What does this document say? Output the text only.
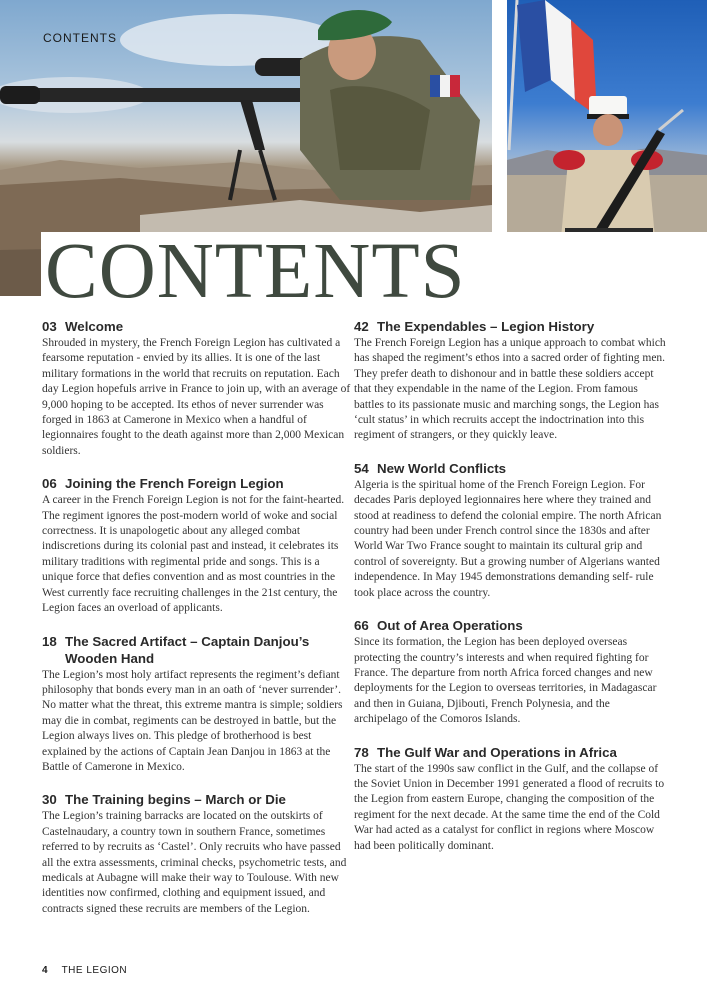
CONTENTS
CONTENTS
03 Welcome

Shrouded in mystery, the French Foreign Legion has cultivated a fearsome reputation - envied by its allies. It is one of the last military formations in the world that recruits on reputation. Each day Legion hopefuls arrive in France to join up, with an average of 9,000 hoping to be accepted. Its ethos of never surrender was forged in 1863 at Camerone in Mexico when a handful of legionnaires fought to the death against more than 2,000 Mexican soldiers.

06 Joining the French Foreign Legion

A career in the French Foreign Legion is not for the faint-hearted. The regiment ignores the post-modern world of woke and social correctness. It is unapologetic about any alleged combat indiscretions during its colonial past and instead, it celebrates its military traditions with regimental pride and songs. This is a unique force that defies convention and as most countries in the West currently face recruiting challenges in the 21st century, the Legion faces an overload of applicants.

18 The Sacred Artifact – Captain Danjou’s Wooden Hand

The Legion’s most holy artifact represents the regiment’s defiant philosophy that bonds every man in an oath of ‘never surrender’. No matter what the threat, this extreme mantra is simple; soldiers may die in combat, regiments can be destroyed in battle, but the Legion always lives on. This pledge of brotherhood is best explained by the actions of Captain Jean Danjou in 1863 at the Battle of Camerone in Mexico.

30 The Training begins – March or Die

The Legion’s training barracks are located on the outskirts of Castelnaudary, a country town in southern France, sometimes referred to by recruits as ‘Castel’. Only recruits who have passed all the extra assessments, criminal checks, psychometric tests, and medicals at Aubagne will make their way to Toulouse. With new identities now confirmed, clothing and equipment issued, and contracts signed these recruits are members of the Legion.

42 The Expendables – Legion History

The French Foreign Legion has a unique approach to combat which has shaped the regiment’s ethos into a sacred order of fighting men. They prefer death to dishonour and in battle these soldiers accept that they expendable in the name of the Legion. From famous battles to its passionate music and marching songs, the Legion has ‘cult status’ in which recruits accept the indoctrination into this regiment of strangers, or they quickly leave.

54 New World Conflicts

Algeria is the spiritual home of the French Foreign Legion. For decades Paris deployed legionnaires here where they trained and stood at readiness to defend the colonial empire. The north African country had been under French control since the 1830s and after World War Two France sought to maintain its cultural grip and control of sovereignty. But a growing number of Algerians wanted independence. In May 1945 demonstrations demanding self- rule took place across the country.

66 Out of Area Operations

Since its formation, the Legion has been deployed overseas protecting the country’s interests and when required fighting for France. The departure from north Africa forced changes and new deployments for the Legion to overseas territories, in Madagascar and then in Guiana, Djibouti, French Polynesia, and the archipelago of the Comoros Islands.

78 The Gulf War and Operations in Africa

The start of the 1990s saw conflict in the Gulf, and the collapse of the Soviet Union in December 1991 generated a flood of recruits to the Legion from eastern Europe, changing the composition of the regiment for the next decade. At the same time the end of the Cold War had acted as a catalyst for conflict in regions where Moscow had been politically dominant.

4 THE LEGION
